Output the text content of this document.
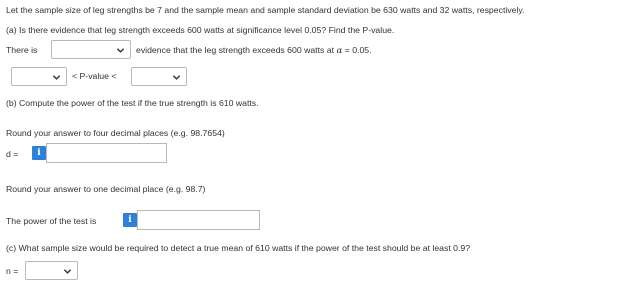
Let the sample size of leg strengths be 7 and the sample mean and sample standard deviation be 630 watts and 32 watts, respectively.
(a) Is there evidence that leg strength exceeds 600 watts at significance level 0.05? Find the P-value.
There is	evidence that the leg strength exceeds 600 watts at α = 0.05.
< P-value <
(b) Compute the power of the test if the true strength is 610 watts.
Round your answer to four decimal places (e.g. 98.7654)
d =	i
Round your answer to one decimal place (e.g. 98.7)
The power of the test is	i
(c) What sample size would be required to detect a true mean of 610 watts if the power of the test should be at least 0.9?
n =
